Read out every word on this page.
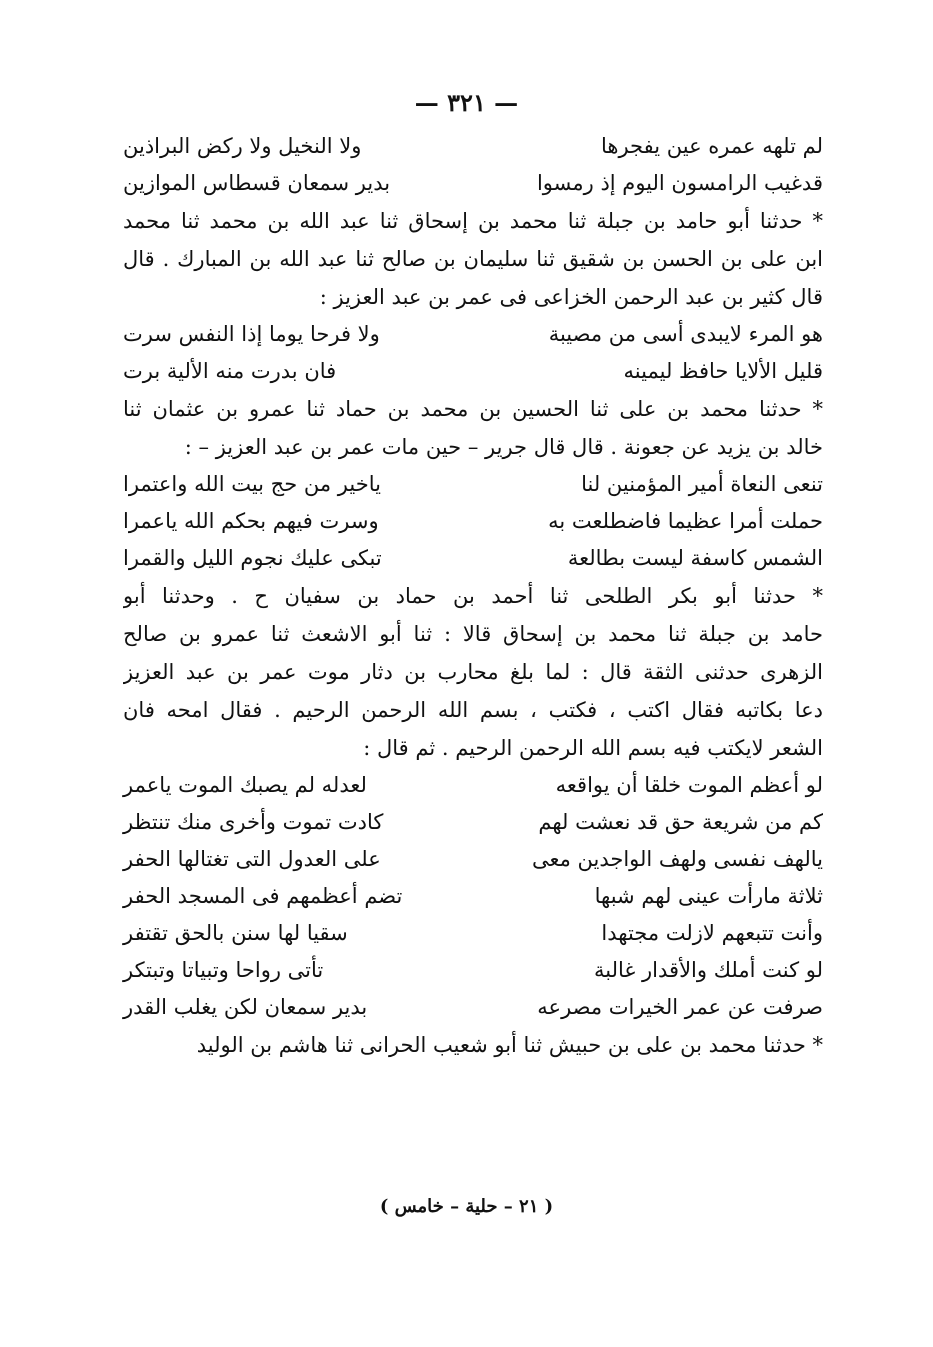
— ٣٢١ —
لم تلهه عمره عين يفجرها
ولا النخيل ولا ركض البراذين
قدغيب الرامسون اليوم إذ رمسوا
بدير سمعان قسطاس الموازين
* حدثنا أبو حامد بن جبلة ثنا محمد بن إسحاق ثنا عبد الله بن محمد ثنا محمد
ابن على بن الحسن بن شقيق ثنا سليمان بن صالح ثنا عبد الله بن المبارك . قال
قال كثير بن عبد الرحمن الخزاعى فى عمر بن عبد العزيز :
هو المرء لايبدى أسى من مصيبة
ولا فرحا يوما إذا النفس سرت
قليل الألايا حافظ ليمينه
فان بدرت منه الألية برت
* حدثنا محمد بن على ثنا الحسين بن محمد بن حماد ثنا عمرو بن عثمان ثنا
خالد بن يزيد عن جعونة . قال قال جرير – حين مات عمر بن عبد العزيز – :
تنعى النعاة أمير المؤمنين لنا
ياخير من حج بيت الله واعتمرا
حملت أمرا عظيما فاضطلعت به
وسرت فيهم بحكم الله ياعمرا
الشمس كاسفة ليست بطالعة
تبكى عليك نجوم الليل والقمرا
* حدثنا أبو بكر الطلحى ثنا أحمد بن حماد بن سفيان ح . وحدثنا أبو
حامد بن جبلة ثنا محمد بن إسحاق قالا : ثنا أبو الاشعث ثنا عمرو بن صالح
الزهرى حدثنى الثقة قال : لما بلغ محارب بن دثار موت عمر بن عبد العزيز
دعا بكاتبه فقال اكتب ، فكتب ، بسم الله الرحمن الرحيم . فقال امحه فان
الشعر لايكتب فيه بسم الله الرحمن الرحيم . ثم قال :
لو أعظم الموت خلقا أن يواقعه
لعدله لم يصبك الموت ياعمر
كم من شريعة حق قد نعشت لهم
كادت تموت وأخرى منك تنتظر
يالهف نفسى ولهف الواجدين معى
على العدول التى تغتالها الحفر
ثلاثة مارأت عينى لهم شبها
تضم أعظمهم فى المسجد الحفر
وأنت تتبعهم لازلت مجتهدا
سقيا لها سنن بالحق تقتفر
لو كنت أملك والأقدار غالبة
تأتى رواحا وتبياتا وتبتكر
صرفت عن عمر الخيرات مصرعه
بدير سمعان لكن يغلب القدر
* حدثنا محمد بن على بن حبيش ثنا أبو شعيب الحرانى ثنا هاشم بن الوليد
( ٢١ – حلية – خامس )
